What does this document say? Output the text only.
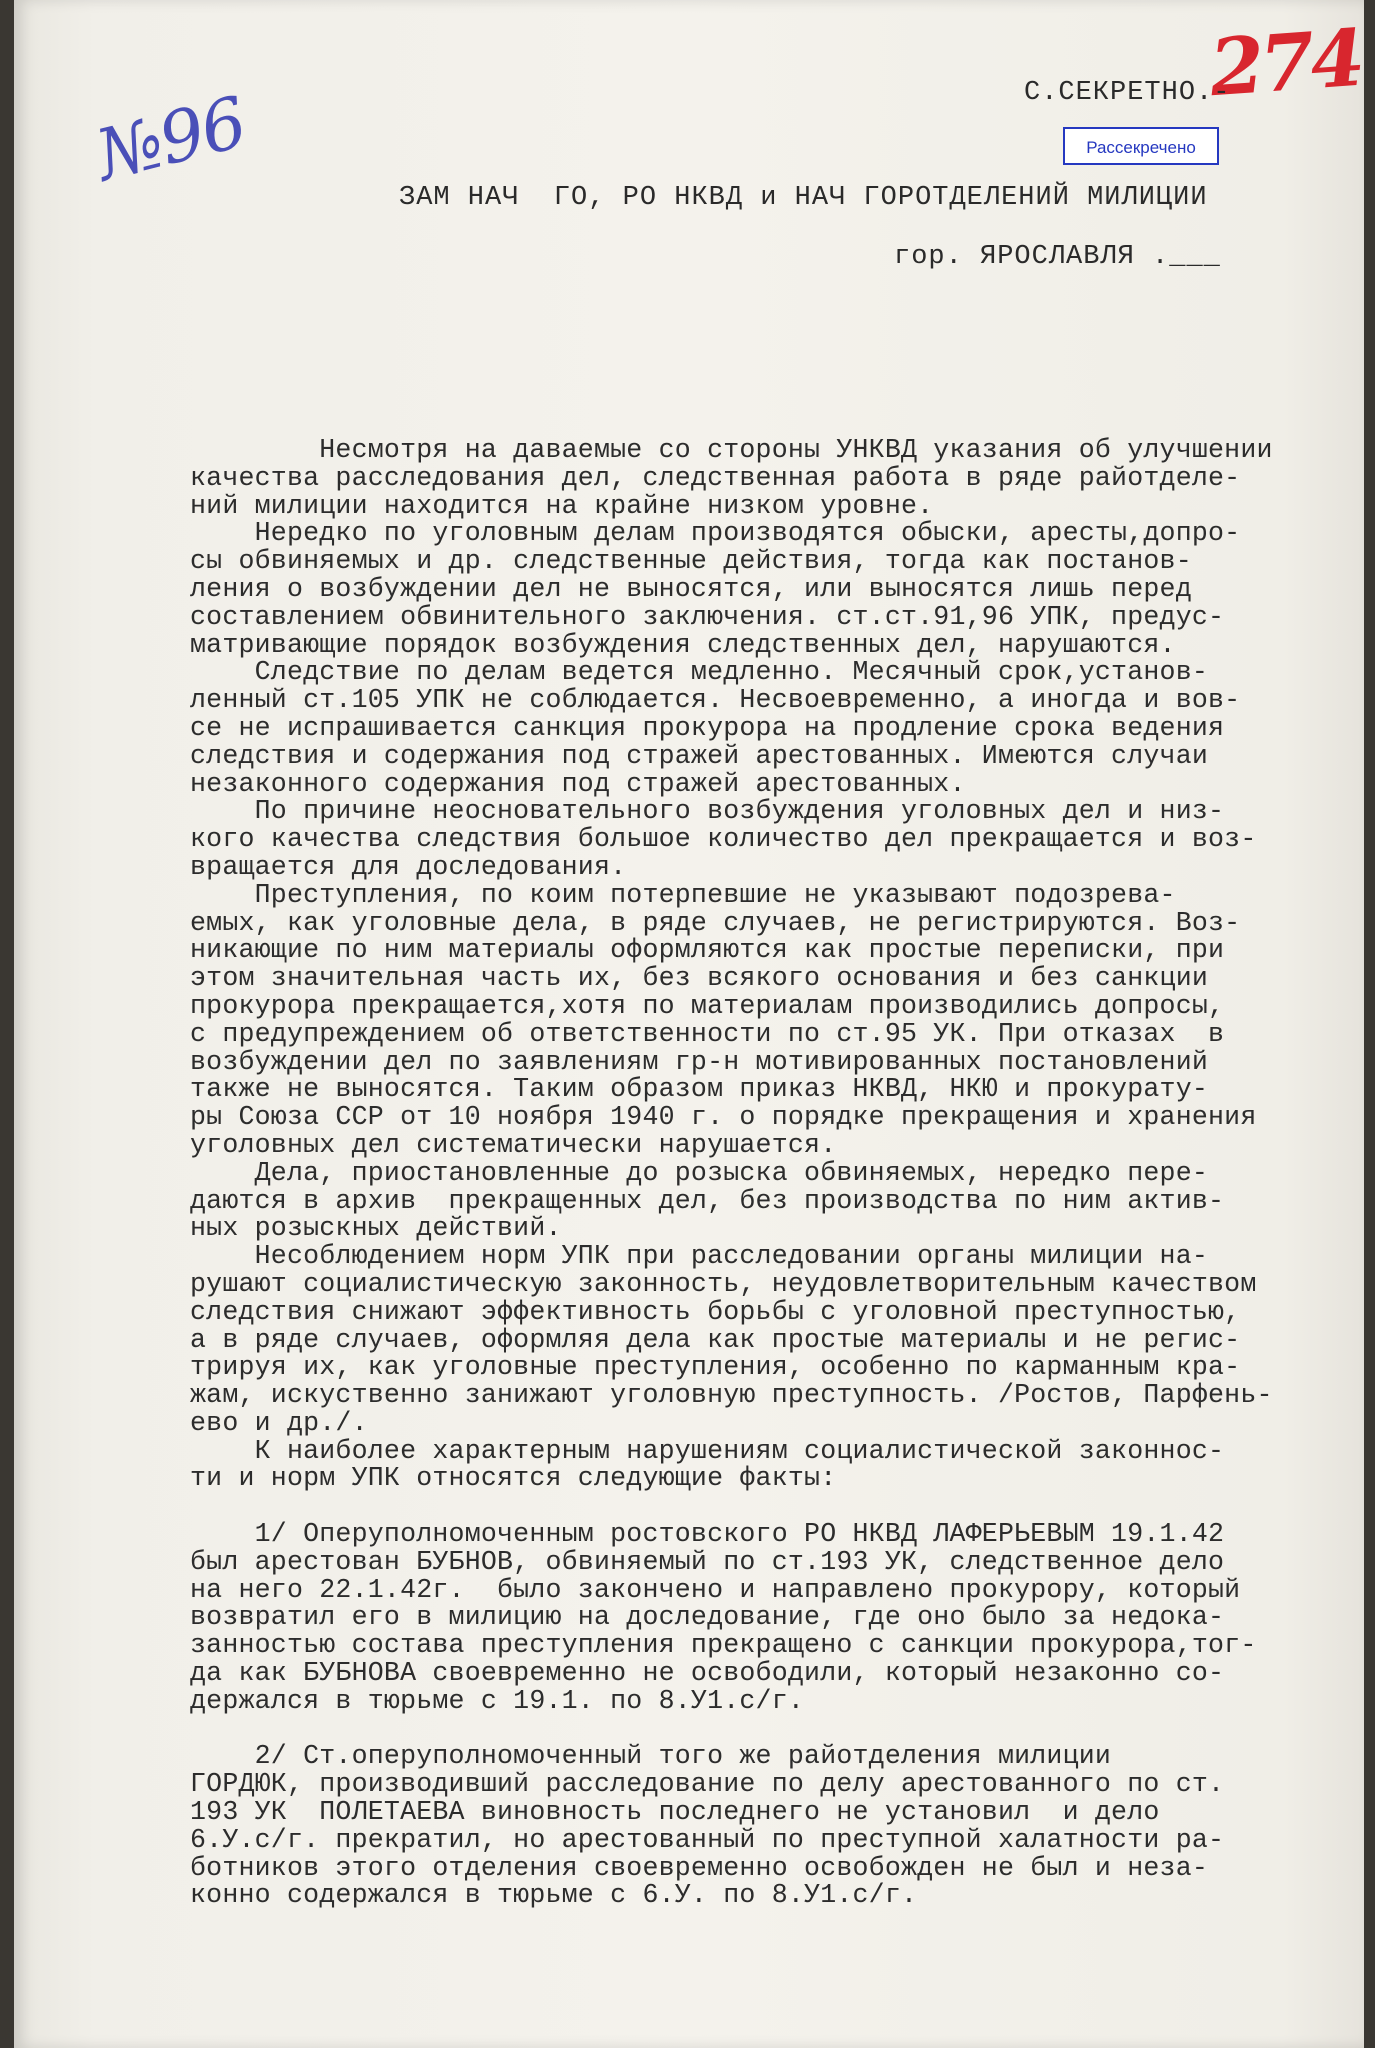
№96
274
С.СЕКРЕТНО.-
Рассекречено
ЗАМ НАЧ  ГО, РО НКВД и НАЧ ГОРОТДЕЛЕНИЙ МИЛИЦИИ
гор. ЯРОСЛАВЛЯ .___
Несмотря на даваемые со стороны УНКВД указания об улучшении
качества расследования дел, следственная работа в ряде райотделе-
ний милиции находится на крайне низком уровне.
Нередко по уголовным делам производятся обыски, аресты,допро-
сы обвиняемых и др. следственные действия, тогда как постанов-
ления о возбуждении дел не выносятся, или выносятся лишь перед
составлением обвинительного заключения. ст.ст.91,96 УПК, предус-
матривающие порядок возбуждения следственных дел, нарушаются.
Следствие по делам ведется медленно. Месячный срок,установ-
ленный ст.105 УПК не соблюдается. Несвоевременно, а иногда и вов-
се не испрашивается санкция прокурора на продление срока ведения
следствия и содержания под стражей арестованных. Имеются случаи
незаконного содержания под стражей арестованных.
По причине неосновательного возбуждения уголовных дел и низ-
кого качества следствия большое количество дел прекращается и воз-
вращается для доследования.
Преступления, по коим потерпевшие не указывают подозрева-
емых, как уголовные дела, в ряде случаев, не регистрируются. Воз-
никающие по ним материалы оформляются как простые переписки, при
этом значительная часть их, без всякого основания и без санкции
прокурора прекращается,хотя по материалам производились допросы,
с предупреждением об ответственности по ст.95 УК. При отказах  в
возбуждении дел по заявлениям гр-н мотивированных постановлений
также не выносятся. Таким образом приказ НКВД, НКЮ и прокурату-
ры Союза ССР от 10 ноября 1940 г. о порядке прекращения и хранения
уголовных дел систематически нарушается.
Дела, приостановленные до розыска обвиняемых, нередко пере-
даются в архив  прекращенных дел, без производства по ним актив-
ных розыскных действий.
Несоблюдением норм УПК при расследовании органы милиции на-
рушают социалистическую законность, неудовлетворительным качеством
следствия снижают эффективность борьбы с уголовной преступностью,
а в ряде случаев, оформляя дела как простые материалы и не регис-
трируя их, как уголовные преступления, особенно по карманным кра-
жам, искуственно занижают уголовную преступность. /Ростов, Парфень-
ево и др./.
К наиболее характерным нарушениям социалистической законнос-
ти и норм УПК относятся следующие факты:
1/ Оперуполномоченным ростовского РО НКВД ЛАФЕРЬЕВЫМ 19.1.42
был арестован БУБНОВ, обвиняемый по ст.193 УК, следственное дело
на него 22.1.42г.  было закончено и направлено прокурору, который
возвратил его в милицию на доследование, где оно было за недока-
занностью состава преступления прекращено с санкции прокурора,тог-
да как БУБНОВА своевременно не освободили, который незаконно со-
держался в тюрьме с 19.1. по 8.У1.с/г.
2/ Ст.оперуполномоченный того же райотделения милиции
ГОРДЮК, производивший расследование по делу арестованного по ст.
193 УК  ПОЛЕТАЕВА виновность последнего не установил  и дело
6.У.с/г. прекратил, но арестованный по преступной халатности ра-
ботников этого отделения своевременно освобожден не был и неза-
конно содержался в тюрьме с 6.У. по 8.У1.с/г.
